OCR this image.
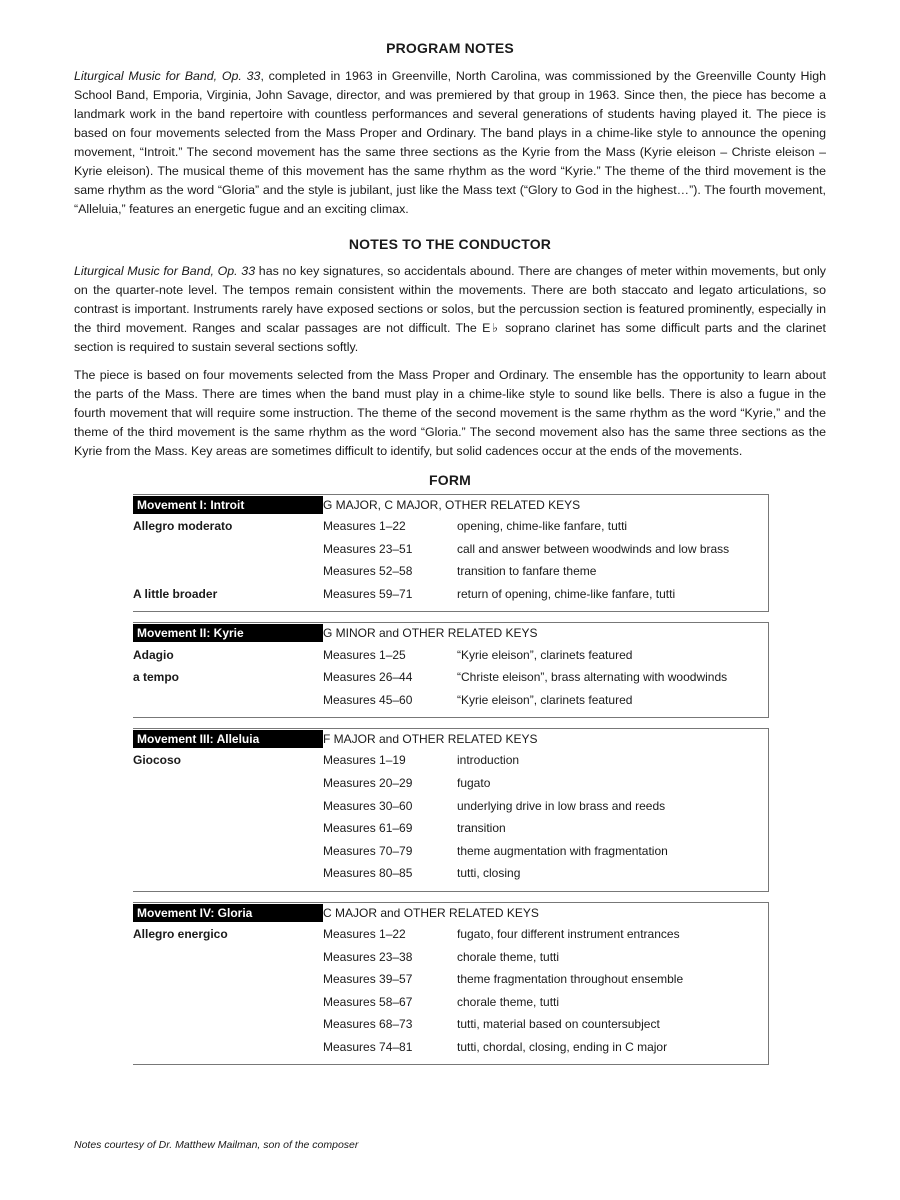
PROGRAM NOTES

Liturgical Music for Band, Op. 33, completed in 1963 in Greenville, North Carolina, was commissioned by the Greenville County High School Band, Emporia, Virginia, John Savage, director, and was premiered by that group in 1963. Since then, the piece has become a landmark work in the band repertoire with countless performances and several generations of students having played it. The piece is based on four movements selected from the Mass Proper and Ordinary. The band plays in a chime-like style to announce the opening movement, “Introit.” The second movement has the same three sections as the Kyrie from the Mass (Kyrie eleison – Christe eleison – Kyrie eleison). The musical theme of this movement has the same rhythm as the word “Kyrie.” The theme of the third movement is the same rhythm as the word “Gloria” and the style is jubilant, just like the Mass text (“Glory to God in the highest…”). The fourth movement, “Alleluia,” features an energetic fugue and an exciting climax.

NOTES TO THE CONDUCTOR

Liturgical Music for Band, Op. 33 has no key signatures, so accidentals abound. There are changes of meter within movements, but only on the quarter-note level. The tempos remain consistent within the movements. There are both staccato and legato articulations, so contrast is important. Instruments rarely have exposed sections or solos, but the percussion section is featured prominently, especially in the third movement. Ranges and scalar passages are not difficult. The E♭ soprano clarinet has some difficult parts and the clarinet section is required to sustain several sections softly.

The piece is based on four movements selected from the Mass Proper and Ordinary. The ensemble has the opportunity to learn about the parts of the Mass. There are times when the band must play in a chime-like style to sound like bells. There is also a fugue in the fourth movement that will require some instruction. The theme of the second movement is the same rhythm as the word “Kyrie,” and the theme of the third movement is the same rhythm as the word “Gloria.” The second movement also has the same three sections as the Kyrie from the Mass. Key areas are sometimes difficult to identify, but solid cadences occur at the ends of the movements.

FORM
Movement I: Introit	G MAJOR, C MAJOR, OTHER RELATED KEYS
Allegro moderato	Measures 1–22	opening, chime-like fanfare, tutti
Measures 23–51	call and answer between woodwinds and low brass
Measures 52–58	transition to fanfare theme
A little broader	Measures 59–71	return of opening, chime-like fanfare, tutti
Movement II: Kyrie	G MINOR and OTHER RELATED KEYS
Adagio	Measures 1–25	“Kyrie eleison”, clarinets featured
a tempo	Measures 26–44	“Christe eleison”, brass alternating with woodwinds
Measures 45–60	“Kyrie eleison”, clarinets featured
Movement III: Alleluia	F MAJOR and OTHER RELATED KEYS
Giocoso	Measures 1–19	introduction
Measures 20–29	fugato
Measures 30–60	underlying drive in low brass and reeds
Measures 61–69	transition
Measures 70–79	theme augmentation with fragmentation
Measures 80–85	tutti, closing
Movement IV: Gloria	C MAJOR and OTHER RELATED KEYS
Allegro energico	Measures 1–22	fugato, four different instrument entrances
Measures 23–38	chorale theme, tutti
Measures 39–57	theme fragmentation throughout ensemble
Measures 58–67	chorale theme, tutti
Measures 68–73	tutti, material based on countersubject
Measures 74–81	tutti, chordal, closing, ending in C major
Notes courtesy of Dr. Matthew Mailman, son of the composer
